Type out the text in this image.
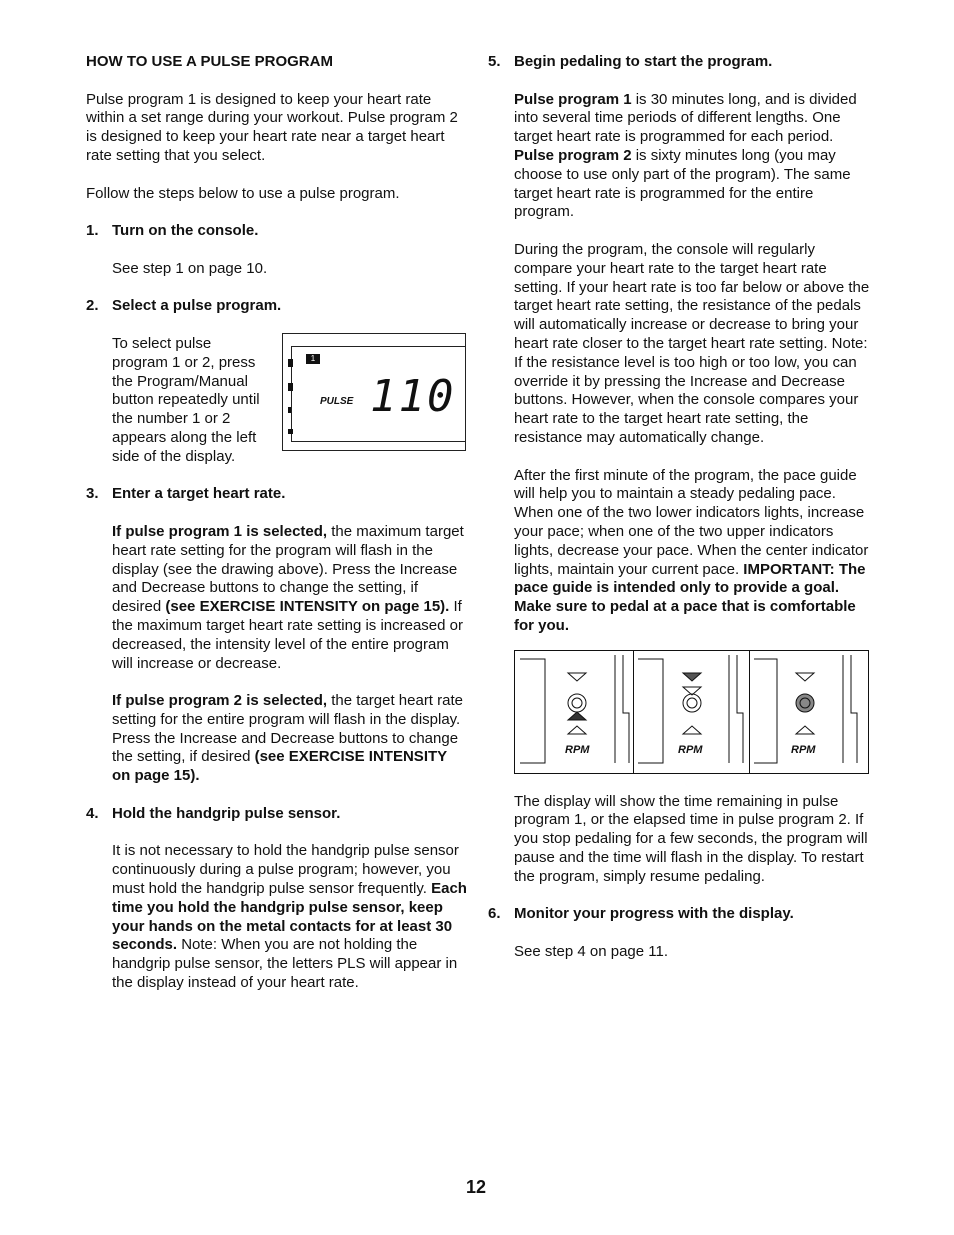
HOW TO USE A PULSE PROGRAM

Pulse program 1 is designed to keep your heart rate within a set range during your workout. Pulse program 2 is designed to keep your heart rate near a target heart rate setting that you select.

Follow the steps below to use a pulse program.

1. Turn on the console.

See step 1 on page 10.

2. Select a pulse program.

To select pulse program 1 or 2, press the Program/Manual button repeatedly until the number 1 or 2 appears along the left side of the display.

1
PULSE 110
3. Enter a target heart rate.

If pulse program 1 is selected, the maximum target heart rate setting for the program will flash in the display (see the drawing above). Press the Increase and Decrease buttons to change the setting, if desired (see EXERCISE INTENSITY on page 15). If the maximum target heart rate setting is increased or decreased, the intensity level of the entire program will increase or decrease.

If pulse program 2 is selected, the target heart rate setting for the entire program will flash in the display. Press the Increase and Decrease buttons to change the setting, if desired (see EXERCISE INTENSITY on page 15).

4. Hold the handgrip pulse sensor.

It is not necessary to hold the handgrip pulse sensor continuously during a pulse program; however, you must hold the handgrip pulse sensor frequently. Each time you hold the handgrip pulse sensor, keep your hands on the metal contacts for at least 30 seconds. Note: When you are not holding the handgrip pulse sensor, the letters PLS will appear in the display instead of your heart rate.

5. Begin pedaling to start the program.

Pulse program 1 is 30 minutes long, and is divided into several time periods of different lengths. One target heart rate is programmed for each period. Pulse program 2 is sixty minutes long (you may choose to use only part of the program). The same target heart rate is programmed for the entire program.

During the program, the console will regularly compare your heart rate to the target heart rate setting. If your heart rate is too far below or above the target heart rate setting, the resistance of the pedals will automatically increase or decrease to bring your heart rate closer to the target heart rate setting. Note: If the resistance level is too high or too low, you can override it by pressing the Increase and Decrease buttons. However, when the console compares your heart rate to the target heart rate setting, the resistance may automatically change.

After the first minute of the program, the pace guide will help you to maintain a steady pedaling pace. When one of the two lower indicators lights, increase your pace; when one of the two upper indicators lights, decrease your pace. When the center indicator lights, maintain your current pace. IMPORTANT: The pace guide is intended only to provide a goal. Make sure to pedal at a pace that is comfortable for you.

RPM	RPM	RPM

The display will show the time remaining in pulse program 1, or the elapsed time in pulse program 2. If you stop pedaling for a few seconds, the program will pause and the time will flash in the display. To restart the program, simply resume pedaling.

6. Monitor your progress with the display.

See step 4 on page 11.

12
